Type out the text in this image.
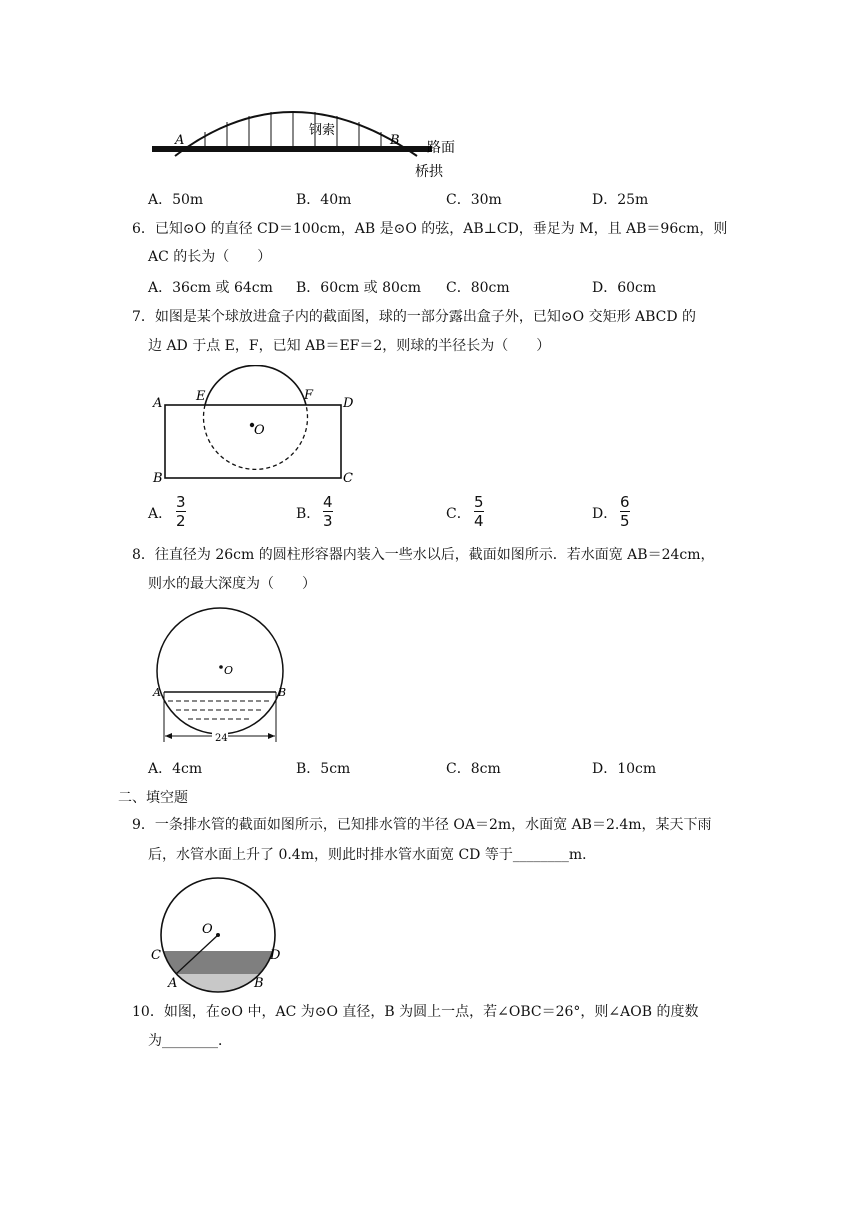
A	B
钢索
路面
桥拱
A．50m	B．40m	C．30m	D．25m
6．已知⊙O 的直径 CD＝100cm，AB 是⊙O 的弦，AB⊥CD，垂足为 M，且 AB＝96cm，则
AC 的长为（　　）
A．36cm 或 64cm B．60cm 或 80cm C．80cm	D．60cm
7．如图是某个球放进盒子内的截面图，球的一部分露出盒子外，已知⊙O 交矩形 ABCD 的
边 AD 于点 E，F，已知 AB＝EF＝2，则球的半径长为（　　）
A	E	F
D
O
B	C
A．
3
2	B．
4
3	C．
5
4	D．
6
5
8．往直径为 26cm 的圆柱形容器内装入一些水以后，截面如图所示．若水面宽 AB＝24cm，
则水的最大深度为（　　）
O
A	B
24
A．4cm	B．5cm	C．8cm	D．10cm
二、填空题
9．一条排水管的截面如图所示，已知排水管的半径 OA＝2m，水面宽 AB＝2.4m，某天下雨
后，水管水面上升了 0.4m，则此时排水管水面宽 CD 等于________m．
O
C	D
A	B
10．如图，在⊙O 中，AC 为⊙O 直径，B 为圆上一点，若∠OBC＝26°，则∠AOB 的度数
为________．
